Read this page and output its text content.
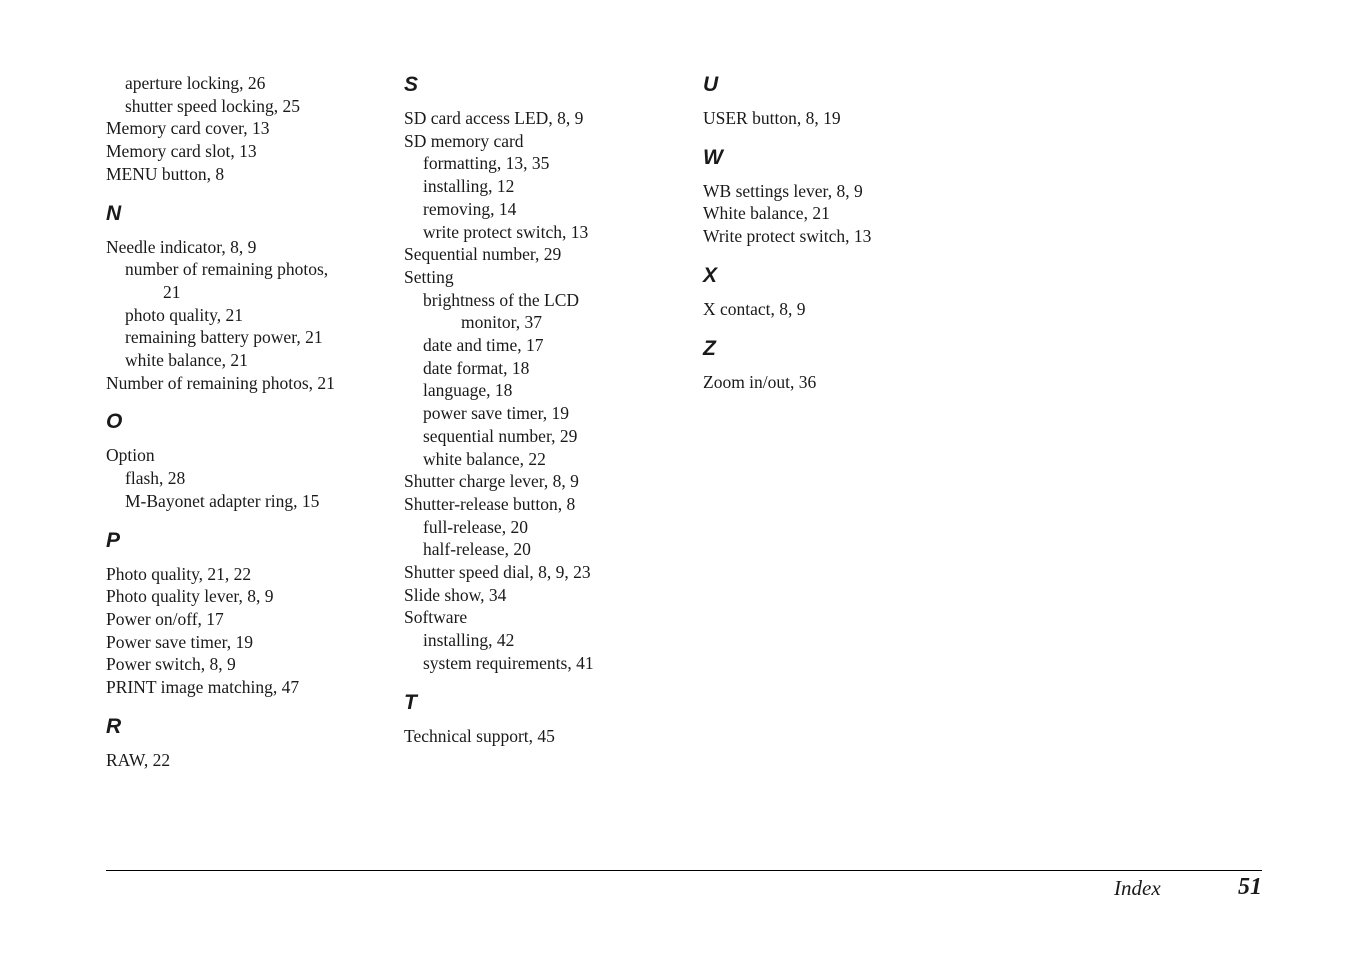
aperture locking, 26
shutter speed locking, 25
Memory card cover, 13
Memory card slot, 13
MENU button, 8
N
Needle indicator, 8, 9
number of remaining photos,
21
photo quality, 21
remaining battery power, 21
white balance, 21
Number of remaining photos, 21
O
Option
flash, 28
M-Bayonet adapter ring, 15
P
Photo quality, 21, 22
Photo quality lever, 8, 9
Power on/off, 17
Power save timer, 19
Power switch, 8, 9
PRINT image matching, 47
R
RAW, 22
S
SD card access LED, 8, 9
SD memory card
formatting, 13, 35
installing, 12
removing, 14
write protect switch, 13
Sequential number, 29
Setting
brightness of the LCD
monitor, 37
date and time, 17
date format, 18
language, 18
power save timer, 19
sequential number, 29
white balance, 22
Shutter charge lever, 8, 9
Shutter-release button, 8
full-release, 20
half-release, 20
Shutter speed dial, 8, 9, 23
Slide show, 34
Software
installing, 42
system requirements, 41
T
Technical support, 45
U
USER button, 8, 19
W
WB settings lever, 8, 9
White balance, 21
Write protect switch, 13
X
X contact, 8, 9
Z
Zoom in/out, 36
Index	51
